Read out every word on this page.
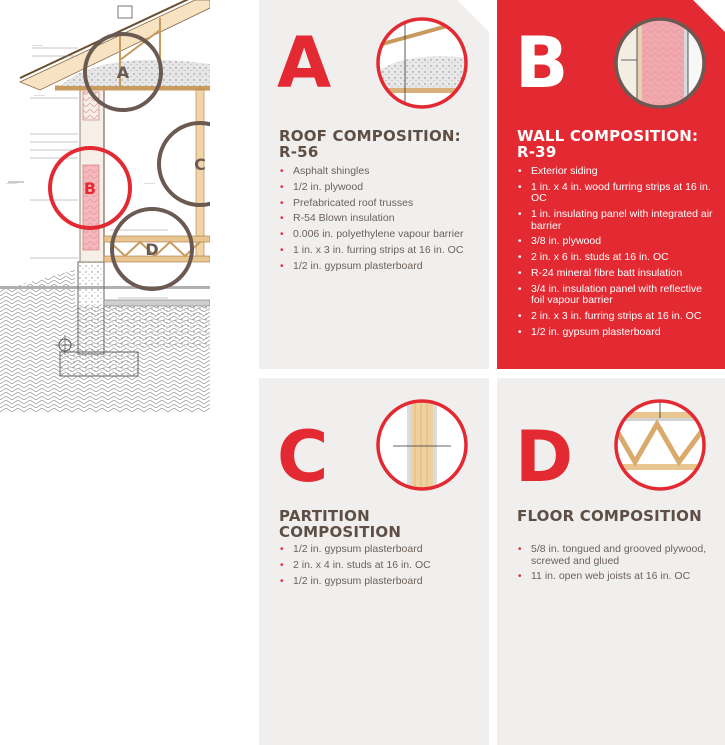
———
———
———	———
A
B
C
D
A
ROOF COMPOSITION: R-56
• Asphalt shingles
• 1/2 in. plywood
• Prefabricated roof trusses
• R-54 Blown insulation
• 0.006 in. polyethylene vapour barrier
• 1 in. x 3 in. furring strips at 16 in. OC
• 1/2 in. gypsum plasterboard
B
WALL COMPOSITION: R-39
• Exterior siding
• 1 in. x 4 in. wood furring strips at 16 in. OC
• 1 in. insulating panel with integrated air barrier
• 3/8 in. plywood
• 2 in. x 6 in. studs at 16 in. OC
• R-24 mineral fibre batt insulation
• 3/4 in. insulation panel with reflective foil vapour barrier
• 2 in. x 3 in. furring strips at 16 in. OC
• 1/2 in. gypsum plasterboard
C
PARTITION COMPOSITION
• 1/2 in. gypsum plasterboard
• 2 in. x 4 in. studs at 16 in. OC
• 1/2 in. gypsum plasterboard
D
FLOOR COMPOSITION
• 5/8 in. tongued and grooved plywood, screwed and glued
• 11 in. open web joists at 16 in. OC
